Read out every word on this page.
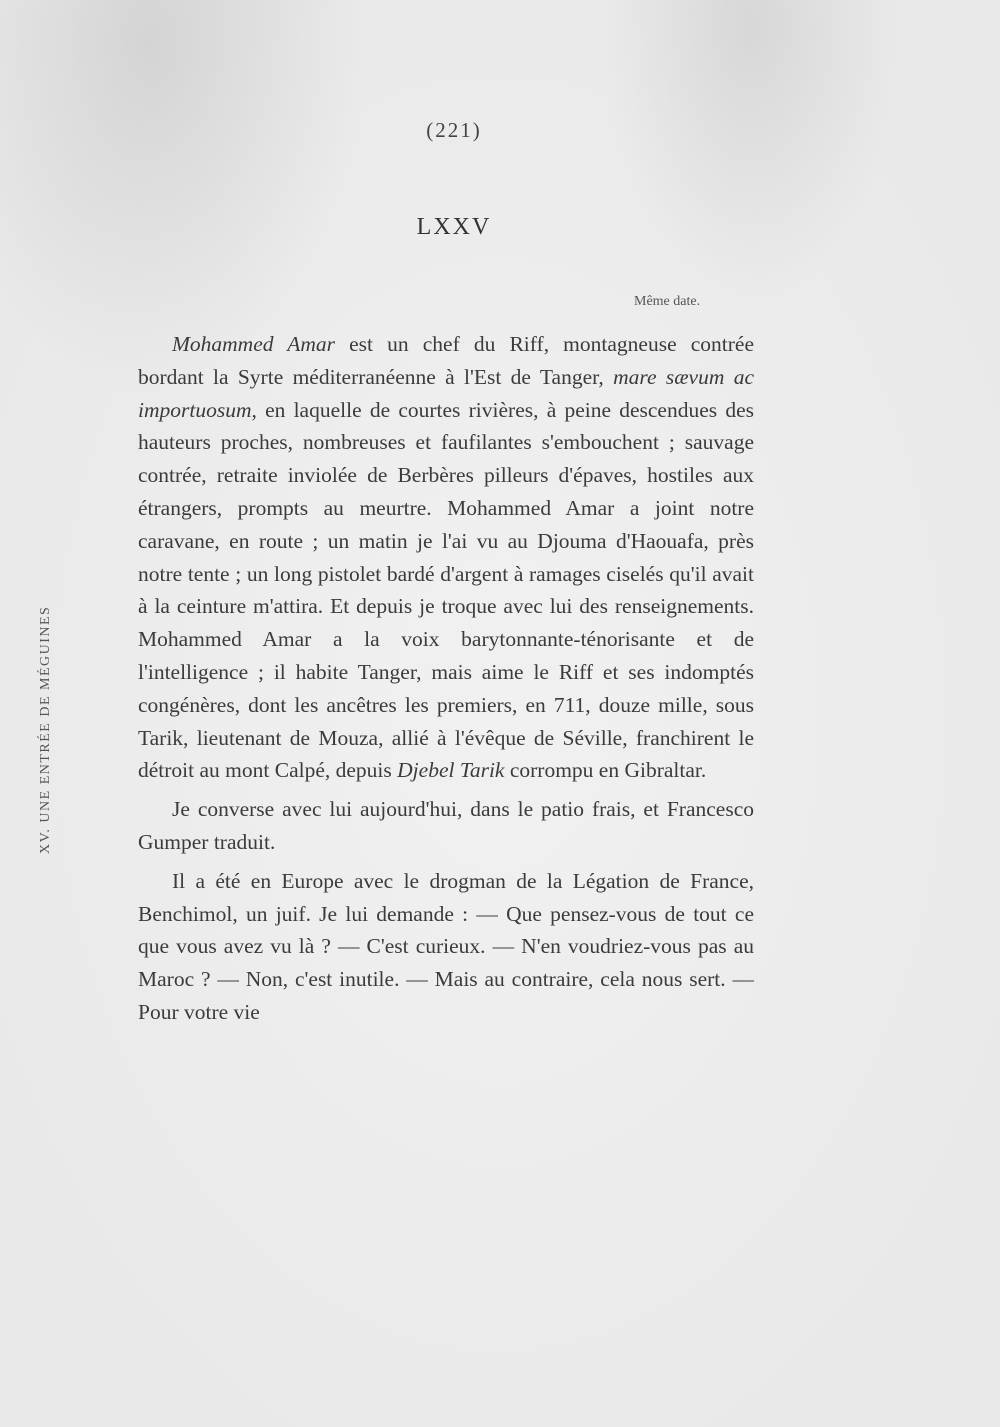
(221)
LXXV
Même date.
XV. UNE ENTRÉE DE MÉGUINES

Mohammed Amar est un chef du Riff, montagneuse contrée bordant la Syrte méditerranéenne à l'Est de Tanger, mare sævum ac importuosum, en laquelle de courtes rivières, à peine descendues des hauteurs proches, nombreuses et faufilantes s'embouchent ; sauvage contrée, retraite inviolée de Berbères pilleurs d'épaves, hostiles aux étrangers, prompts au meurtre. Mohammed Amar a joint notre caravane, en route ; un matin je l'ai vu au Djouma d'Haouafa, près notre tente ; un long pistolet bardé d'argent à ramages ciselés qu'il avait à la ceinture m'attira. Et depuis je troque avec lui des renseignements. Mohammed Amar a la voix barytonnante-ténorisante et de l'intelligence ; il habite Tanger, mais aime le Riff et ses indomptés congénères, dont les ancêtres les premiers, en 711, douze mille, sous Tarik, lieutenant de Mouza, allié à l'évêque de Séville, franchirent le détroit au mont Calpé, depuis Djebel Tarik corrompu en Gibraltar.

Je converse avec lui aujourd'hui, dans le patio frais, et Francesco Gumper traduit.

Il a été en Europe avec le drogman de la Légation de France, Benchimol, un juif. Je lui demande : — Que pensez-vous de tout ce que vous avez vu là ? — C'est curieux. — N'en voudriez-vous pas au Maroc ? — Non, c'est inutile. — Mais au contraire, cela nous sert. — Pour votre vie
